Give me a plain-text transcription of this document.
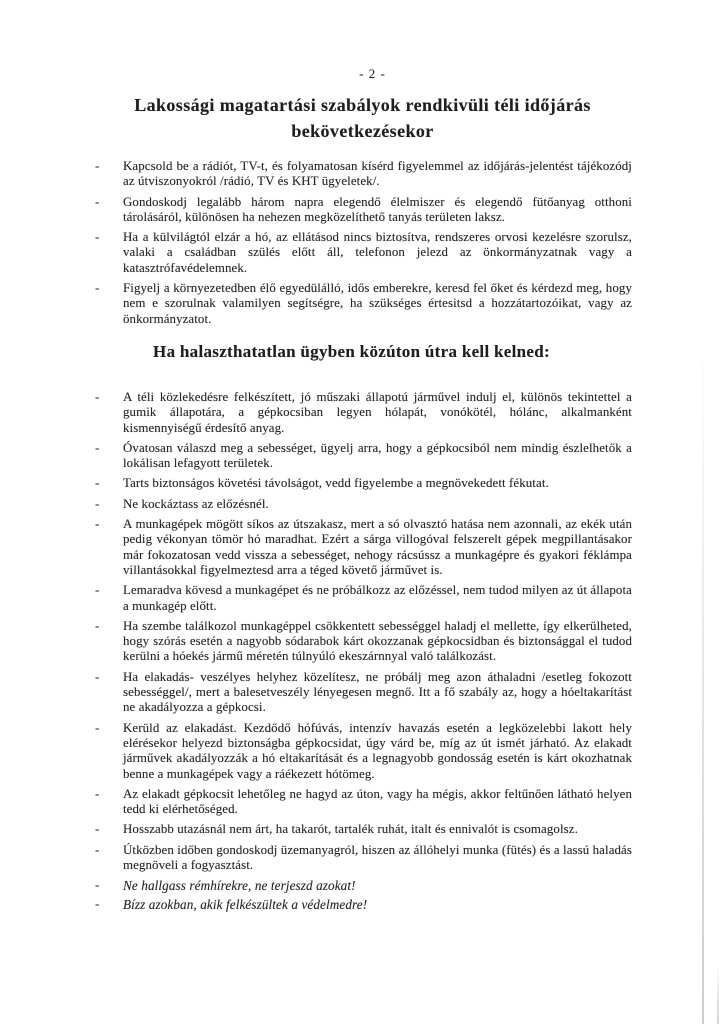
- 2 -
Lakossági magatartási szabályok rendkivüli téli időjárás
bekövetkezésekor
-	Kapcsold be a rádiót, TV-t, és folyamatosan kísérd figyelemmel az időjárás-jelentést tájékozódj az útviszonyokról /rádió, TV és KHT ügyeletek/.
-	Gondoskodj legalább három napra elegendő élelmiszer és elegendő fütőanyag otthoni tárolásáról, különösen ha nehezen megközelíthető tanyás területen laksz.
-	Ha a külvilágtól elzár a hó, az ellátásod nincs biztosítva, rendszeres orvosi kezelésre szorulsz, valaki a családban szülés előtt áll, telefonon jelezd az önkormányzatnak vagy a katasztrófavédelemnek.
-	Figyelj a környezetedben élő egyedülálló, idős emberekre, keresd fel őket és kérdezd meg, hogy nem e szorulnak valamilyen segítségre, ha szükséges értesitsd a hozzátartozóikat, vagy az önkormányzatot.
Ha halaszthatatlan ügyben közúton útra kell kelned:
-	A téli közlekedésre felkészített, jó műszaki állapotú járművel indulj el, különös tekintettel a gumik állapotára, a gépkocsiban legyen hólapát, vonókötél, hólánc, alkalmanként kismennyiségű érdesítő anyag.
-	Óvatosan válaszd meg a sebességet, ügyelj arra, hogy a gépkocsiból nem mindig észlelhetők a lokálisan lefagyott területek.
-	Tarts biztonságos követési távolságot, vedd figyelembe a megnövekedett fékutat.
-	Ne kockáztass az előzésnél.
-	A munkagépek mögött síkos az útszakasz, mert a só olvasztó hatása nem azonnali, az ekék után pedig vékonyan tömör hó maradhat. Ezért a sárga villogóval felszerelt gépek megpillantásakor már fokozatosan vedd vissza a sebességet, nehogy rácsússz a munkagépre és gyakori féklámpa villantásokkal figyelmeztesd arra a téged követő járművet is.
-	Lemaradva kövesd a munkagépet és ne próbálkozz az előzéssel, nem tudod milyen az út állapota a munkagép előtt.
-	Ha szembe találkozol munkagéppel csökkentett sebességgel haladj el mellette, így elkerülheted, hogy szórás esetén a nagyobb sódarabok kárt okozzanak gépkocsidban és biztonsággal el tudod kerülni a hóekés jármű méretén túlnyúló ekeszárnnyal való találkozást.
-	Ha elakadás- veszélyes helyhez közelítesz, ne próbálj meg azon áthaladni /esetleg fokozott sebességgel/, mert a balesetveszély lényegesen megnő. Itt a fő szabály az, hogy a hóeltakarítást ne akadályozza a gépkocsi.
-	Kerüld az elakadást. Kezdődő hófúvás, intenzív havazás esetén a legközelebbi lakott hely elérésekor helyezd biztonságba gépkocsidat, úgy várd be, míg az út ismét járható. Az elakadt járművek akadályozzák a hó eltakarítását és a legnagyobb gondosság esetén is kárt okozhatnak benne a munkagépek vagy a ráékezett hótömeg.
-	Az elakadt gépkocsit lehetőleg ne hagyd az úton, vagy ha mégis, akkor feltűnően látható helyen tedd ki elérhetőséged.
-	Hosszabb utazásnál nem árt, ha takarót, tartalék ruhát, italt és ennivalót is csomagolsz.
-	Útközben időben gondoskodj üzemanyagról, hiszen az állóhelyi munka (fütés) és a lassú haladás megnöveli a fogyasztást.
-	Ne hallgass rémhírekre, ne terjeszd azokat!
-	Bízz azokban, akik felkészültek a védelmedre!
